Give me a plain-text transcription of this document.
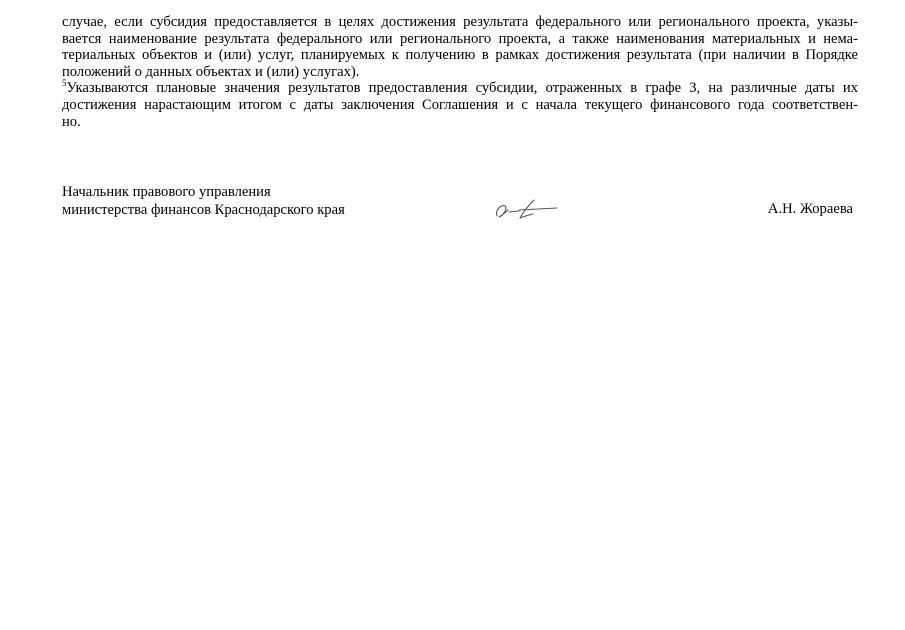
случае, если субсидия предоставляется в целях достижения результата федерального или регионального проекта, указы-
вается наименование результата федерального или регионального проекта, а также наименования материальных и нема-
териальных объектов и (или) услуг, планируемых к получению в рамках достижения результата (при наличии в Порядке
положений о данных объектах и (или) услугах).
$^5$Указываются плановые значения результатов предоставления субсидии, отраженных в графе 3, на различные даты их
достижения нарастающим итогом с даты заключения Соглашения и с начала текущего финансового года соответствен-
но.
Начальник правового управления
министерства финансов Краснодарского края	А.Н. Жораева
